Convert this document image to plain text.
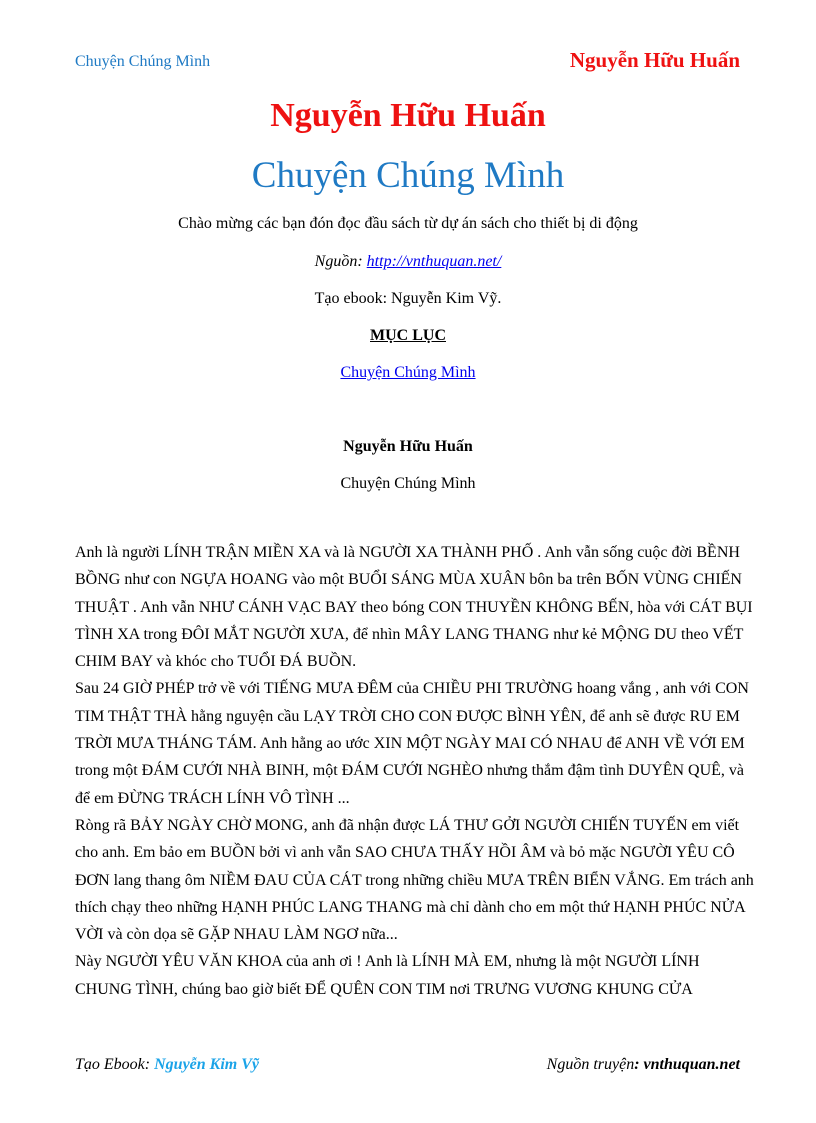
Chuyện Chúng Mình	Nguyễn Hữu Huấn
Nguyễn Hữu Huấn
Chuyện Chúng Mình
Chào mừng các bạn đón đọc đầu sách từ dự án sách cho thiết bị di động
Nguồn: http://vnthuquan.net/
Tạo ebook: Nguyễn Kim Vỹ.
MỤC LỤC
Chuyện Chúng Mình
Nguyễn Hữu Huấn
Chuyện Chúng Mình

Anh là người LÍNH TRẬN MIỀN XA và là NGƯỜI XA THÀNH PHỐ . Anh vẫn sống cuộc đời BỀNH BỒNG như con NGỰA HOANG vào một BUỔI SÁNG MÙA XUÂN bôn ba trên BỐN VÙNG CHIẾN THUẬT . Anh vẫn NHƯ CÁNH VẠC BAY theo bóng CON THUYỀN KHÔNG BẾN, hòa với CÁT BỤI TÌNH XA trong ĐÔI MẮT NGƯỜI XƯA, để nhìn MÂY LANG THANG như kẻ MỘNG DU theo VẾT CHIM BAY và khóc cho TUỔI ĐÁ BUỒN.

Sau 24 GIỜ PHÉP trở về với TIẾNG MƯA ĐÊM của CHIỀU PHI TRƯỜNG hoang vắng , anh với CON TIM THẬT THÀ hằng nguyện cầu LẠY TRỜI CHO CON ĐƯỢC BÌNH YÊN, để anh sẽ được RU EM TRỜI MƯA THÁNG TÁM. Anh hằng ao ước XIN MỘT NGÀY MAI CÓ NHAU để ANH VỀ VỚI EM trong một ĐÁM CƯỚI NHÀ BINH, một ĐÁM CƯỚI NGHÈO nhưng thắm đậm tình DUYÊN QUÊ, và để em ĐỪNG TRÁCH LÍNH VÔ TÌNH ...

Ròng rã BẢY NGÀY CHỜ MONG, anh đã nhận được LÁ THƯ GỞI NGƯỜI CHIẾN TUYẾN em viết cho anh. Em bảo em BUỒN bởi vì anh vẫn SAO CHƯA THẤY HỒI ÂM và bỏ mặc NGƯỜI YÊU CÔ ĐƠN lang thang ôm NIỀM ĐAU CỦA CÁT trong những chiều MƯA TRÊN BIỂN VẮNG. Em trách anh thích chạy theo những HẠNH PHÚC LANG THANG mà chỉ dành cho em một thứ HẠNH PHÚC NỬA VỜI và còn dọa sẽ GẶP NHAU LÀM NGƠ nữa...

Này NGƯỜI YÊU VĂN KHOA của anh ơi ! Anh là LÍNH MÀ EM, nhưng là một NGƯỜI LÍNH CHUNG TÌNH, chúng bao giờ biết ĐỂ QUÊN CON TIM nơi TRƯNG VƯƠNG KHUNG CỬA

Tạo Ebook: Nguyễn Kim Vỹ	Nguồn truyện: vnthuquan.net
